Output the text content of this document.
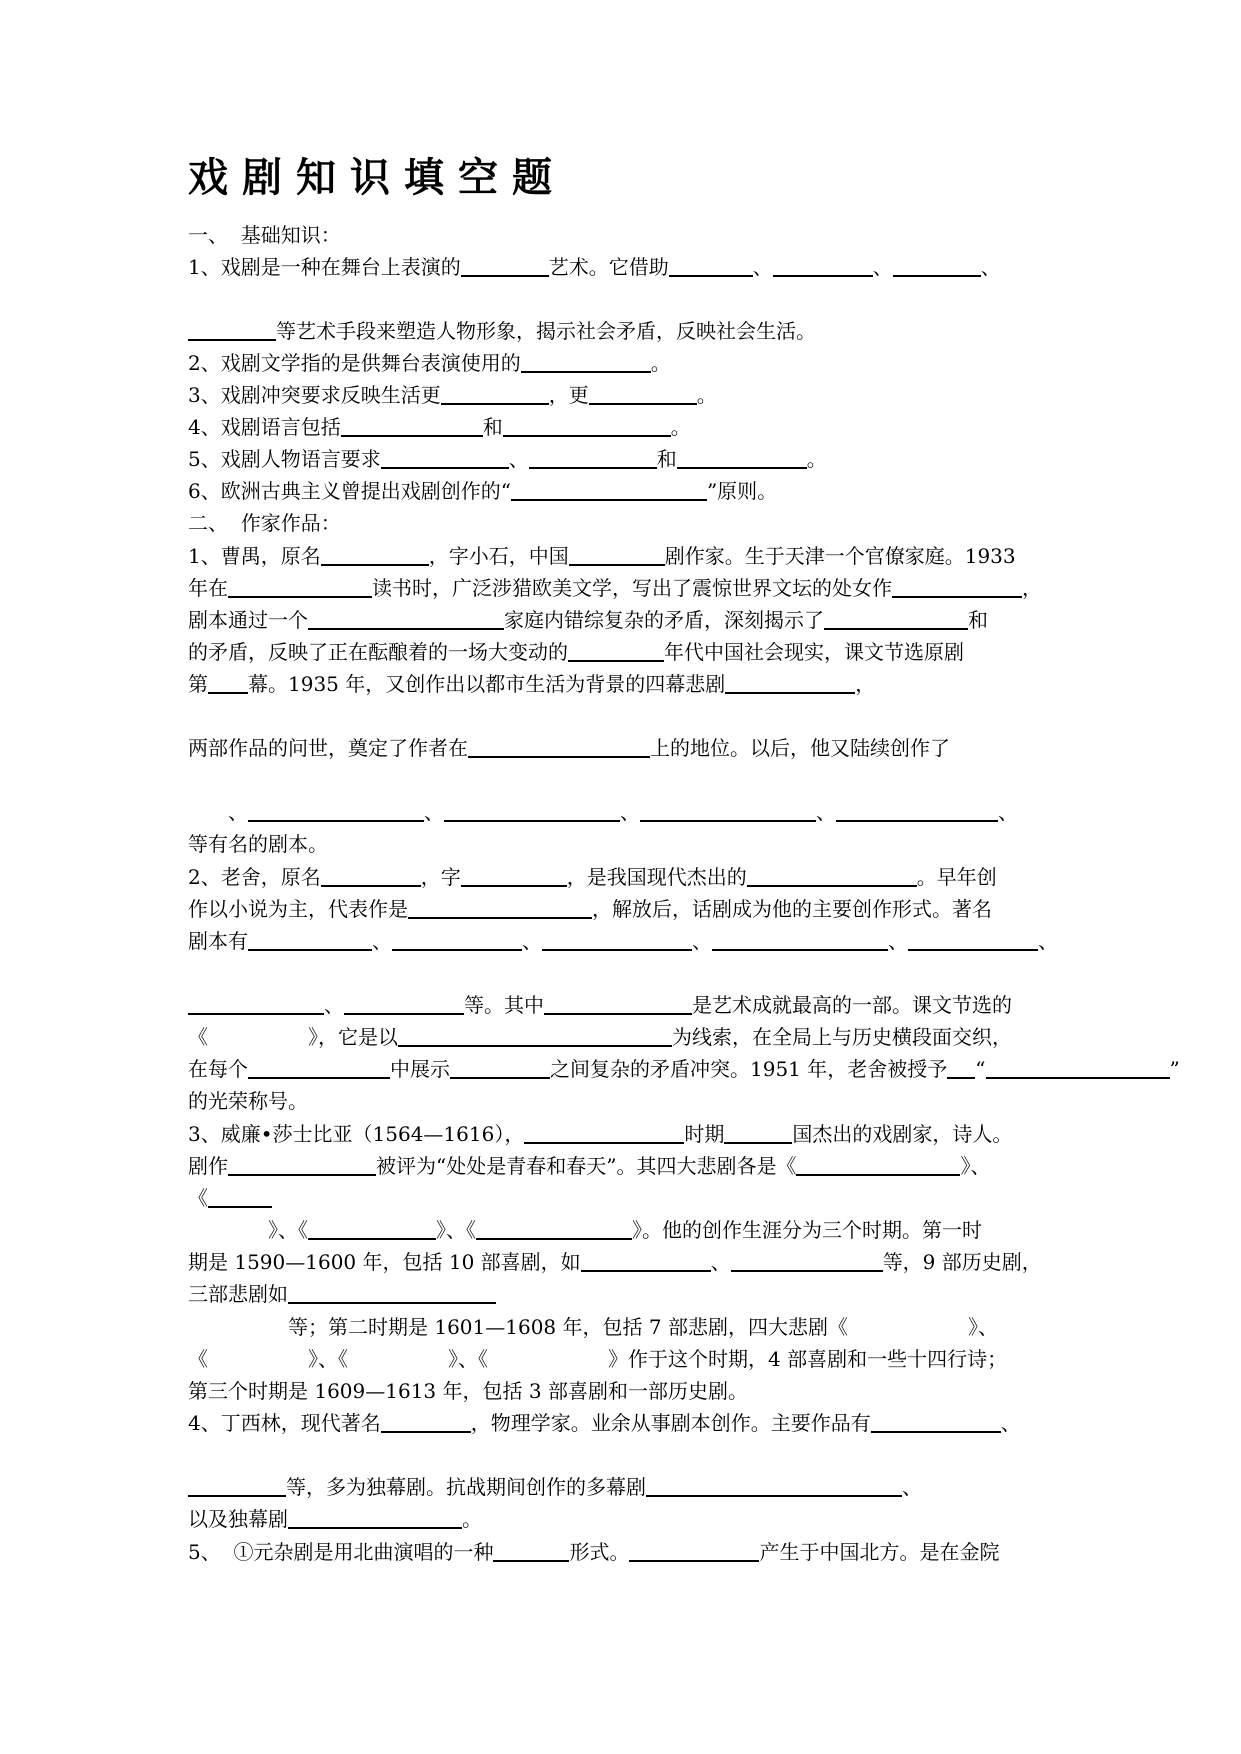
戏剧知识填空题
一、 基础知识：
1、戏剧是一种在舞台上表演的	艺术。它借助	、	、	、
等艺术手段来塑造人物形象，揭示社会矛盾，反映社会生活。
2、戏剧文学指的是供舞台表演使用的	。
3、戏剧冲突要求反映生活更	，更	。
4、戏剧语言包括	和	。
5、戏剧人物语言要求	、	和	。
6、欧洲古典主义曾提出戏剧创作的“	”原则。
二、 作家作品：
1、曹禺，原名	，字小石，中国	剧作家。生于天津一个官僚家庭。1933
年在	读书时，广泛涉猎欧美文学，写出了震惊世界文坛的处女作	，
剧本通过一个	家庭内错综复杂的矛盾，深刻揭示了	和
的矛盾，反映了正在酝酿着的一场大变动的	年代中国社会现实，课文节选原剧
第 幕。1935 年，又创作出以都市生活为背景的四幕悲剧	，
两部作品的问世，奠定了作者在	上的地位。以后，他又陆续创作了
　　、	、	、	、	、
等有名的剧本。
2、老舍，原名	，字	，是我国现代杰出的	。早年创
作以小说为主，代表作是	，解放后，话剧成为他的主要创作形式。著名
剧本有	、	、	、	、	、
、	等。其中	是艺术成就最高的一部。课文节选的
《　　　　　》，它是以	为线索，在全局上与历史横段面交织，
在每个	中展示	之间复杂的矛盾冲突。1951 年，老舍被授予 “	”
的光荣称号。
3、威廉•莎士比亚（1564—1616），	时期	国杰出的戏剧家，诗人。
剧作	被评为“处处是青春和春天”。其四大悲剧各是《	》、
《
　　　　》、《	》、《	》。他的创作生涯分为三个时期。第一时
期是 1590—1600 年，包括 10 部喜剧，如	、	等，9 部历史剧，
三部悲剧如
　　　　　等；第二时期是 1601—1608 年，包括 7 部悲剧，四大悲剧《　　　　　　》、
《　　　　　》、《　　　　　》、《　　　　　　》作于这个时期，4 部喜剧和一些十四行诗；
第三个时期是 1609—1613 年，包括 3 部喜剧和一部历史剧。
4、丁西林，现代著名	，物理学家。业余从事剧本创作。主要作品有	、
等，多为独幕剧。抗战期间创作的多幕剧	、
以及独幕剧	。
5、 ①元杂剧是用北曲演唱的一种	形式。	产生于中国北方。是在金院
